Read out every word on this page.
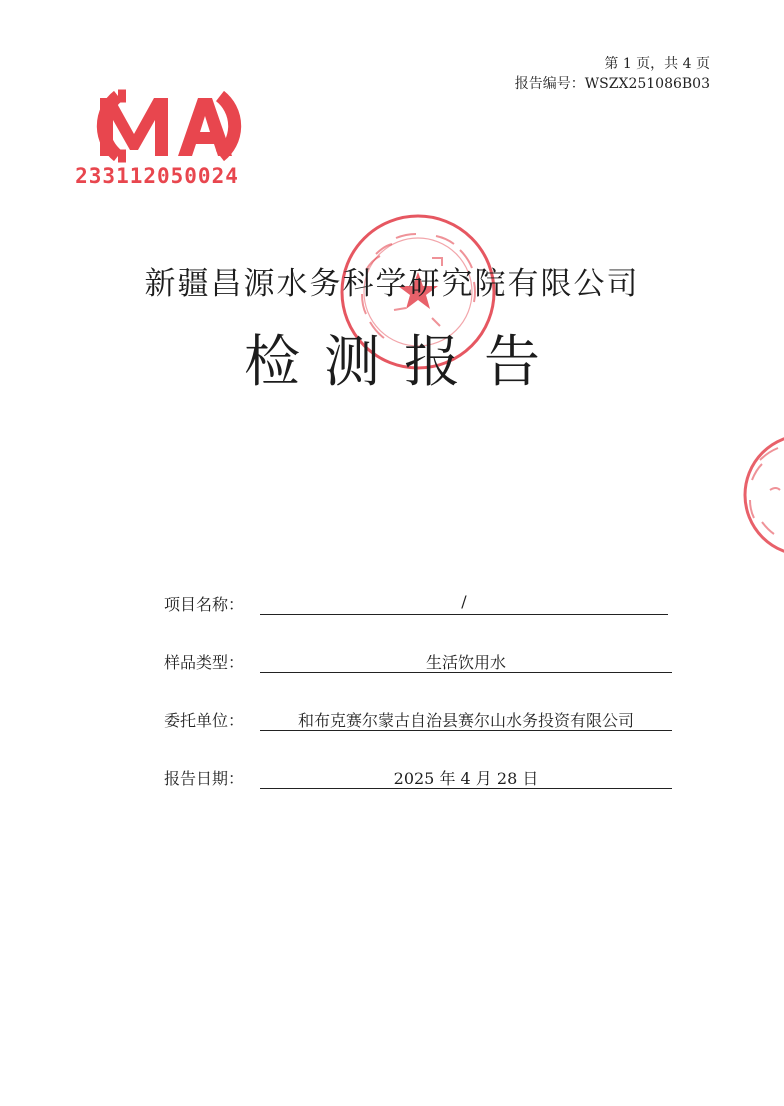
第 1 页，共 4 页
报告编号：WSZX251086B03
233112050024
新疆昌源水务科学研究院有限公司
检测报告
项目名称：	/
样品类型：	生活饮用水
委托单位：	和布克赛尔蒙古自治县赛尔山水务投资有限公司
报告日期：	2025 年 4 月 28 日
